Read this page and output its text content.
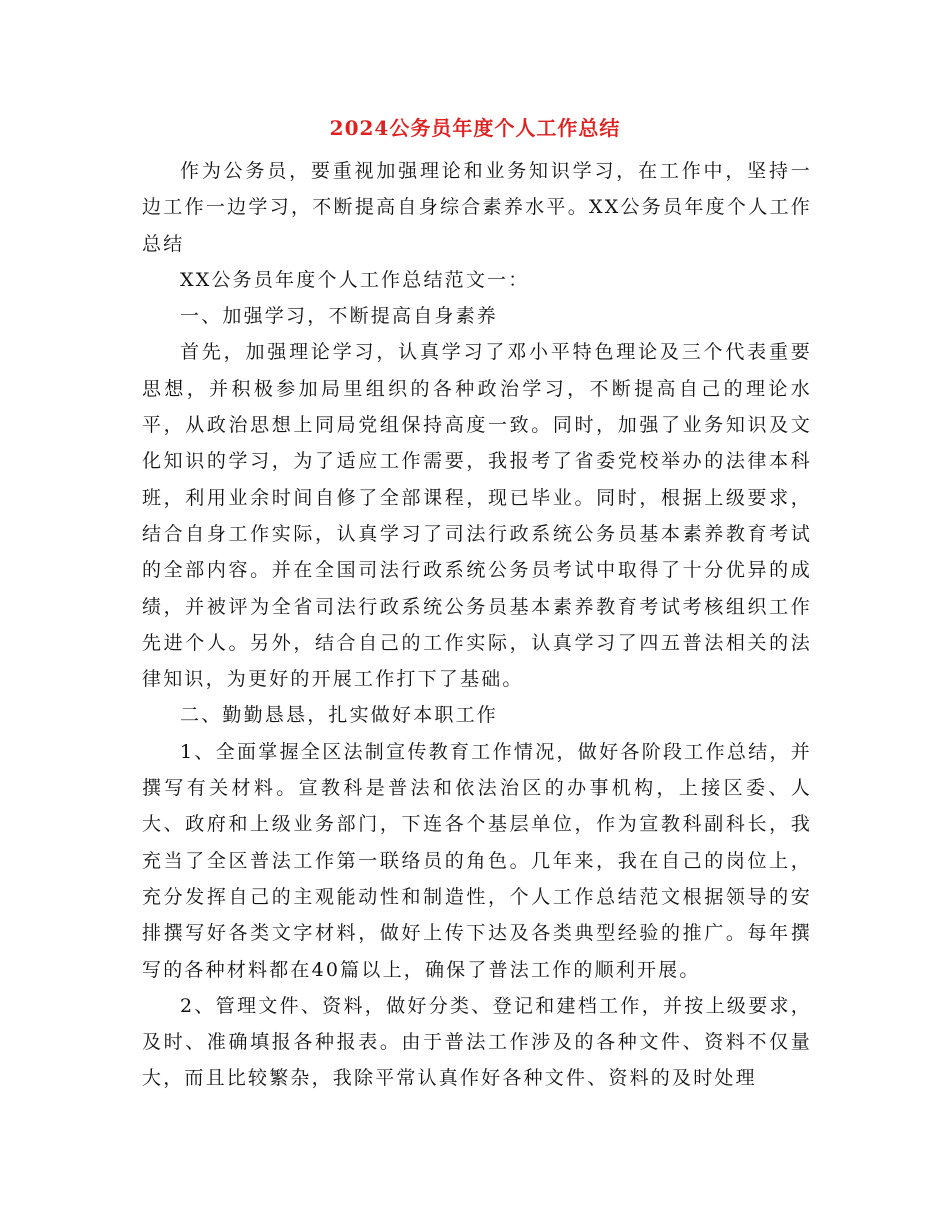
2024公务员年度个人工作总结

作为公务员，要重视加强理论和业务知识学习，在工作中，坚持一边工作一边学习，不断提高自身综合素养水平。XX公务员年度个人工作总结

XX公务员年度个人工作总结范文一：

一、加强学习，不断提高自身素养

首先，加强理论学习，认真学习了邓小平特色理论及三个代表重要思想，并积极参加局里组织的各种政治学习，不断提高自己的理论水平，从政治思想上同局党组保持高度一致。同时，加强了业务知识及文化知识的学习，为了适应工作需要，我报考了省委党校举办的法律本科班，利用业余时间自修了全部课程，现已毕业。同时，根据上级要求，结合自身工作实际，认真学习了司法行政系统公务员基本素养教育考试的全部内容。并在全国司法行政系统公务员考试中取得了十分优异的成绩，并被评为全省司法行政系统公务员基本素养教育考试考核组织工作先进个人。另外，结合自己的工作实际，认真学习了四五普法相关的法律知识，为更好的开展工作打下了基础。

二、勤勤恳恳，扎实做好本职工作

1、全面掌握全区法制宣传教育工作情况，做好各阶段工作总结，并撰写有关材料。宣教科是普法和依法治区的办事机构，上接区委、人大、政府和上级业务部门，下连各个基层单位，作为宣教科副科长，我充当了全区普法工作第一联络员的角色。几年来，我在自己的岗位上，充分发挥自己的主观能动性和制造性，个人工作总结范文根据领导的安排撰写好各类文字材料，做好上传下达及各类典型经验的推广。每年撰写的各种材料都在40篇以上，确保了普法工作的顺利开展。

2、管理文件、资料，做好分类、登记和建档工作，并按上级要求，及时、准确填报各种报表。由于普法工作涉及的各种文件、资料不仅量大，而且比较繁杂，我除平常认真作好各种文件、资料的及时处理
